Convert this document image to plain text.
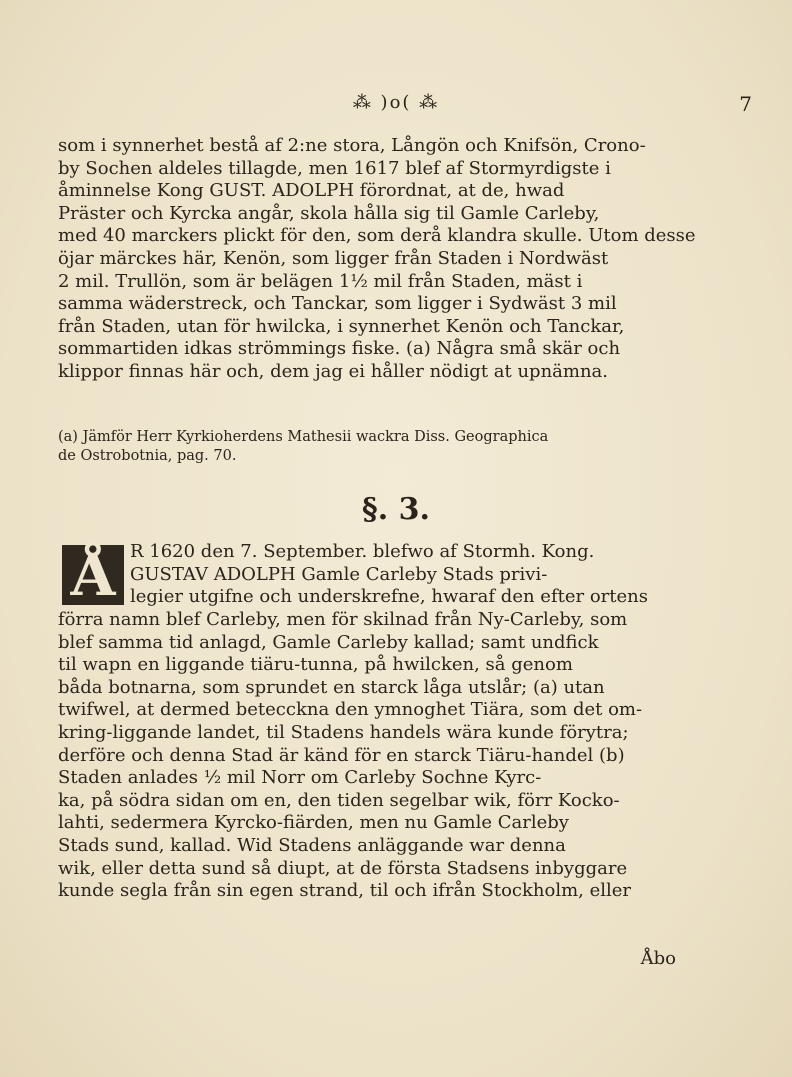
⁂ )o( ⁂	7
som i synnerhet bestå af 2:ne stora, Långön och Knifsön, Crono-
by Sochen aldeles tillagde, men 1617 blef af Stormyrdigste i
åminnelse Kong GUST. ADOLPH förordnat, at de, hwad
Präster och Kyrcka angår, skola hålla sig til Gamle Carleby,
med 40 marckers plickt för den, som derå klandra skulle. Utom desse
öjar märckes här, Kenön, som ligger från Staden i Nordwäst
2 mil. Trullön, som är belägen 1½ mil från Staden, mäst i
samma wäderstreck, och Tanckar, som ligger i Sydwäst 3 mil
från Staden, utan för hwilcka, i synnerhet Kenön och Tanckar,
sommartiden idkas strömmings fiske. (a) Några små skär och
klippor finnas här och, dem jag ei håller nödigt at upnämna.
(a) Jämför Herr Kyrkioherdens Mathesii wackra Diss. Geographica
de Ostrobotnia, pag. 70.
§. 3.
Å R 1620 den 7. September. blefwo af Stormh. Kong.
GUSTAV ADOLPH Gamle Carleby Stads privi-
legier utgifne och underskrefne, hwaraf den efter ortens
förra namn blef Carleby, men för skilnad från Ny-Carleby, som
blef samma tid anlagd, Gamle Carleby kallad; samt undfick
til wapn en liggande tiäru-tunna, på hwilcken, så genom
båda botnarna, som sprundet en starck låga utslår; (a) utan
twifwel, at dermed betecckna den ymnoghet Tiära, som det om-
kring-liggande landet, til Stadens handels wära kunde förytra;
derföre och denna Stad är känd för en starck Tiäru-handel (b)
Staden anlades ½ mil Norr om Carleby Sochne Kyrc-
ka, på södra sidan om en, den tiden segelbar wik, förr Kocko-
lahti, sedermera Kyrcko-fiärden, men nu Gamle Carleby
Stads sund, kallad. Wid Stadens anläggande war denna
wik, eller detta sund så diupt, at de första Stadsens inbyggare
kunde segla från sin egen strand, til och ifrån Stockholm, eller
Åbo
